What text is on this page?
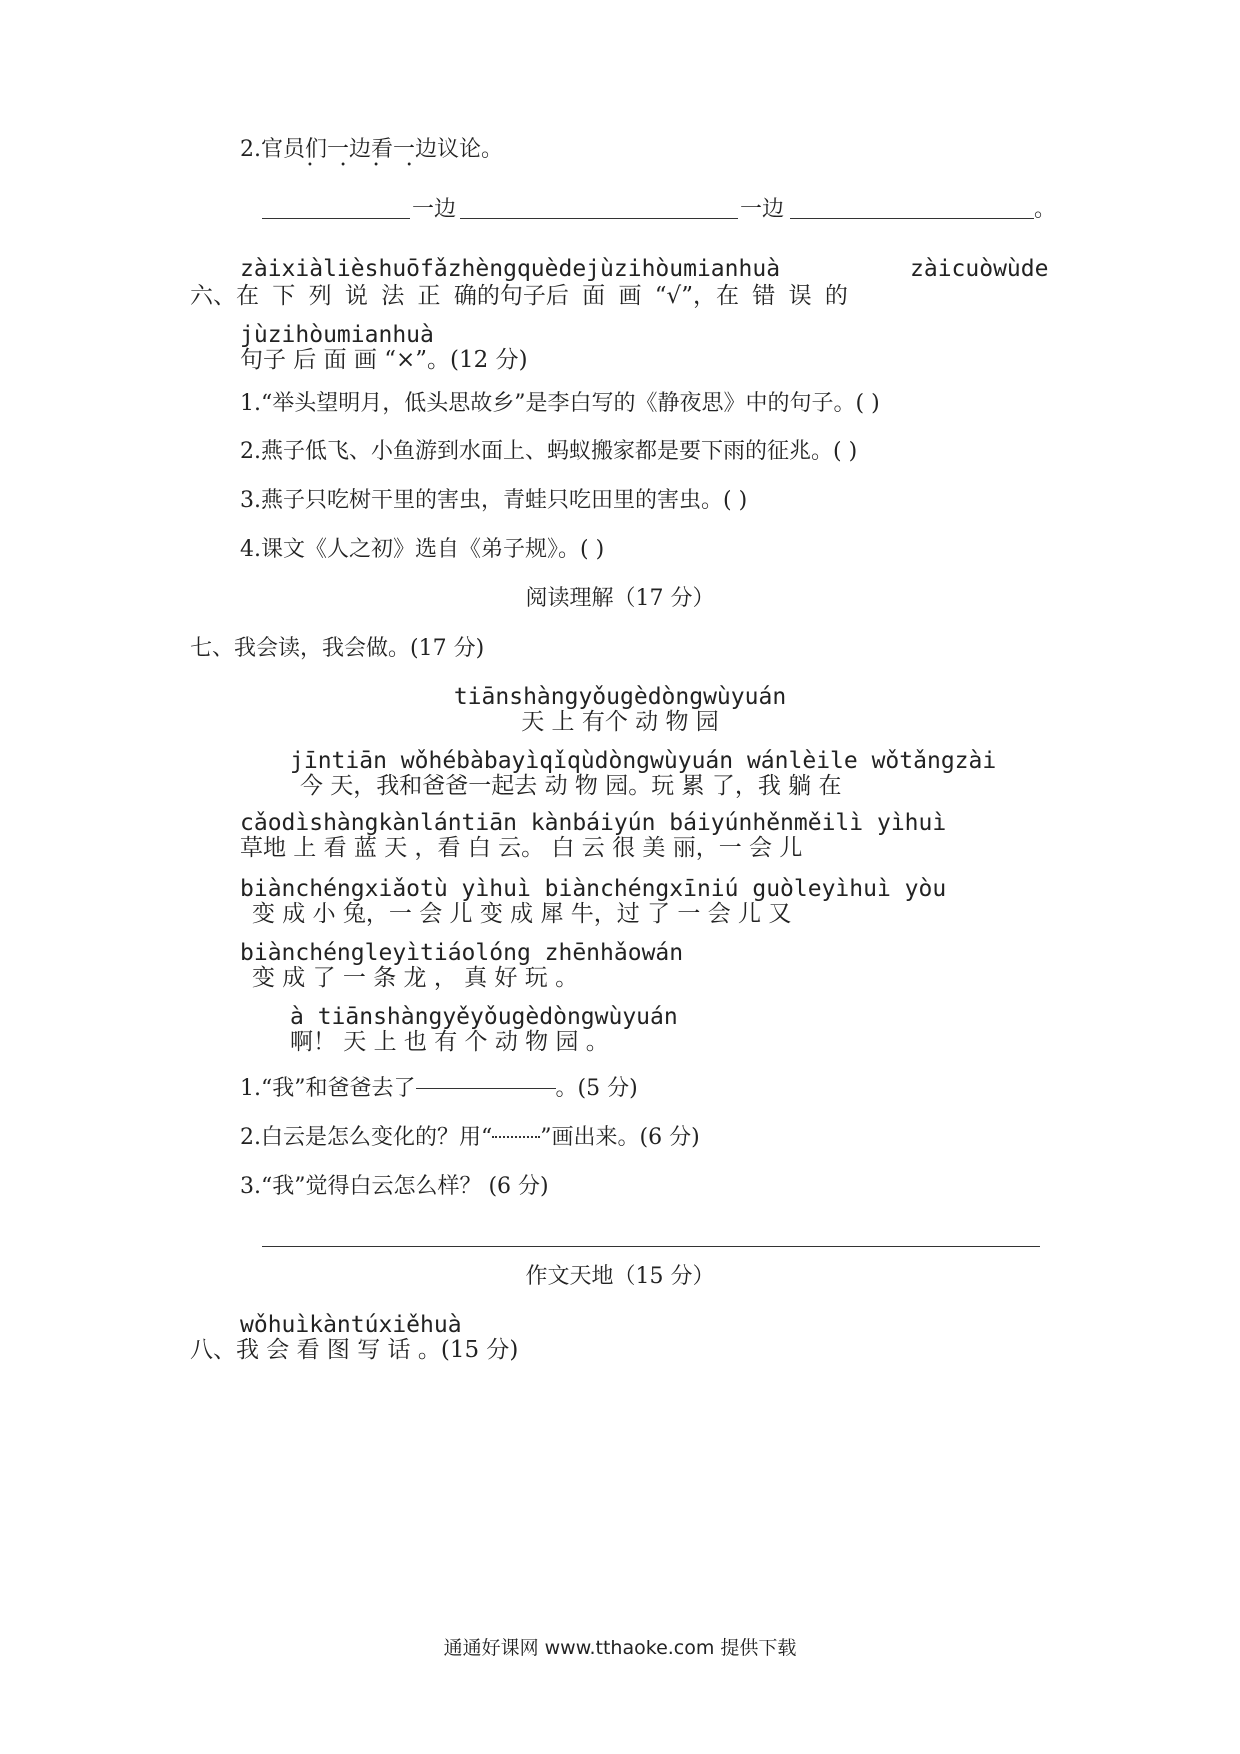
2.官员们一边看一边议论。
• • • •
一边	一边	。
zàixiàlièshuōfǎzhèngquèdejùzihòumianhuà	zàicuòwùde
六、在 下 列 说 法 正 确的句子后 面 画 “√”，在 错 误 的
jùzihòumianhuà
句子 后 面 画 “×”。(12 分)
1.“举头望明月，低头思故乡”是李白写的《静夜思》中的句子。( )
2.燕子低飞、小鱼游到水面上、蚂蚁搬家都是要下雨的征兆。( )
3.燕子只吃树干里的害虫，青蛙只吃田里的害虫。( )
4.课文《人之初》选自《弟子规》。( )
阅读理解（17 分）
七、我会读，我会做。(17 分)
tiānshàngyǒugèdòngwùyuán
天 上 有个 动 物 园
jīntiān wǒhébàbayìqǐqùdòngwùyuán wánlèile wǒtǎngzài
今 天，我和爸爸一起去 动 物 园。玩 累 了，我 躺 在
cǎodìshàngkànlántiān kànbáiyún báiyúnhěnměilì yìhuì
草地 上 看 蓝 天 ，看 白 云。 白 云 很 美 丽，一 会 儿
biànchéngxiǎotù yìhuì biànchéngxīniú guòleyìhuì yòu
变 成 小 兔，一 会 儿 变 成 犀 牛，过 了 一 会 儿 又
biànchéngleyìtiáolóng zhēnhǎowán
变 成 了 一 条 龙 ， 真 好 玩 。
à tiānshàngyěyǒugèdòngwùyuán
啊！ 天 上 也 有 个 动 物 园 。
1.“我”和爸爸去了	。(5 分)
2.白云是怎么变化的？用“ ”画出来。(6 分)
3.“我”觉得白云怎么样？ (6 分)
作文天地（15 分）
wǒhuìkàntúxiěhuà
八、我 会 看 图 写 话 。(15 分)
通通好课网 www.tthaoke.com 提供下载
